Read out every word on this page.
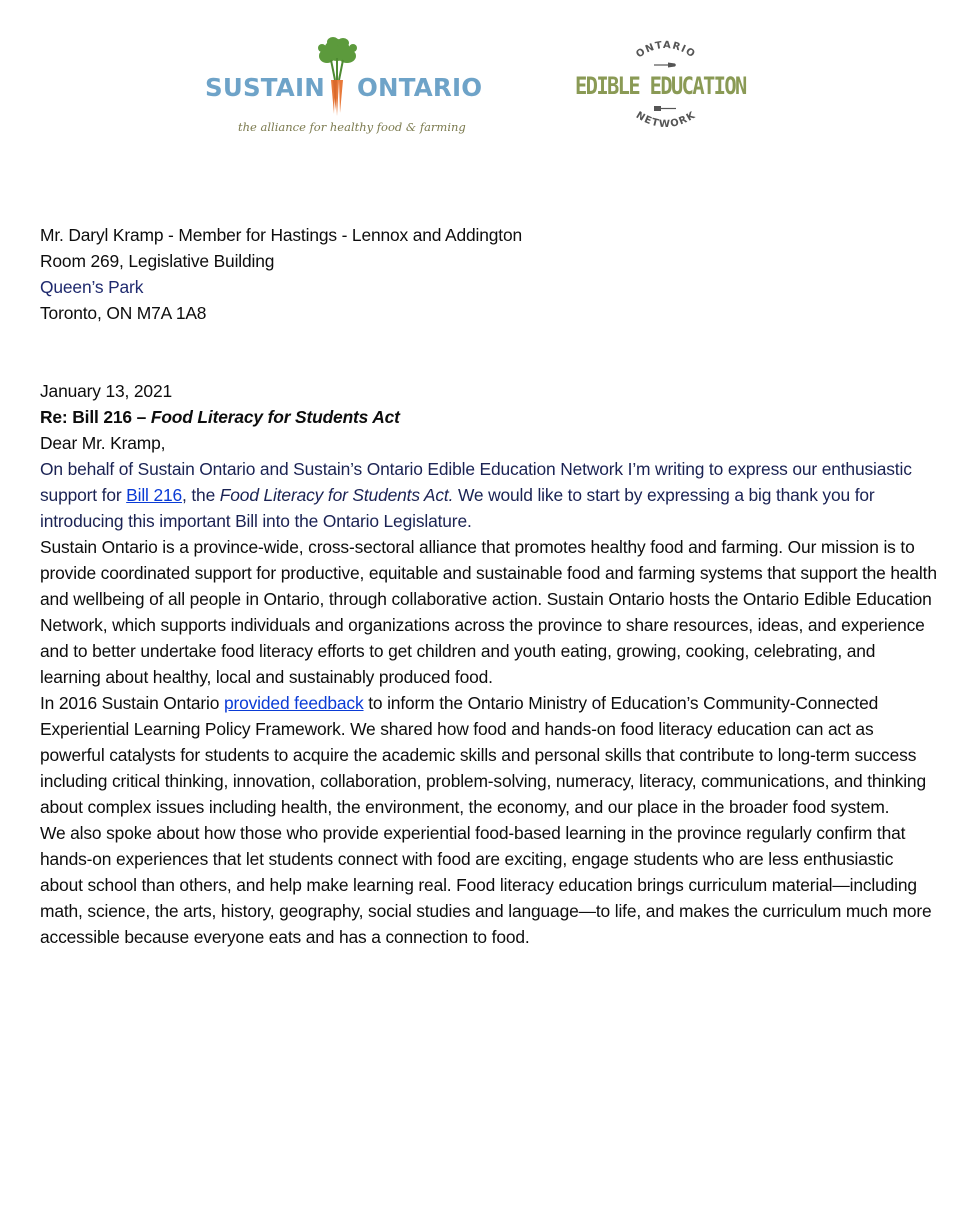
SUSTAIN ONTARIO
the alliance for healthy food & farming
ONTARIO
NETWORK
EDIBLE EDUCATION

Mr. Daryl Kramp - Member for Hastings - Lennox and Addington

Room 269, Legislative Building

Queen’s Park

Toronto, ON M7A 1A8

January 13, 2021

Re: Bill 216 – Food Literacy for Students Act

Dear Mr. Kramp,

On behalf of Sustain Ontario and Sustain’s Ontario Edible Education Network I’m writing to express our enthusiastic support for Bill 216, the Food Literacy for Students Act. We would like to start by expressing a big thank you for introducing this important Bill into the Ontario Legislature.

Sustain Ontario is a province-wide, cross-sectoral alliance that promotes healthy food and farming. Our mission is to provide coordinated support for productive, equitable and sustainable food and farming systems that support the health and wellbeing of all people in Ontario, through collaborative action. Sustain Ontario hosts the Ontario Edible Education Network, which supports individuals and organizations across the province to share resources, ideas, and experience and to better undertake food literacy efforts to get children and youth eating, growing, cooking, celebrating, and learning about healthy, local and sustainably produced food.

In 2016 Sustain Ontario provided feedback to inform the Ontario Ministry of Education’s Community-Connected Experiential Learning Policy Framework. We shared how food and hands-on food literacy education can act as powerful catalysts for students to acquire the academic skills and personal skills that contribute to long-term success including critical thinking, innovation, collaboration, problem-solving, numeracy, literacy, communications, and thinking about complex issues including health, the environment, the economy, and our place in the broader food system.

We also spoke about how those who provide experiential food-based learning in the province regularly confirm that hands-on experiences that let students connect with food are exciting, engage students who are less enthusiastic about school than others, and help make learning real. Food literacy education brings curriculum material—including math, science, the arts, history, geography, social studies and language—to life, and makes the curriculum much more accessible because everyone eats and has a connection to food.
